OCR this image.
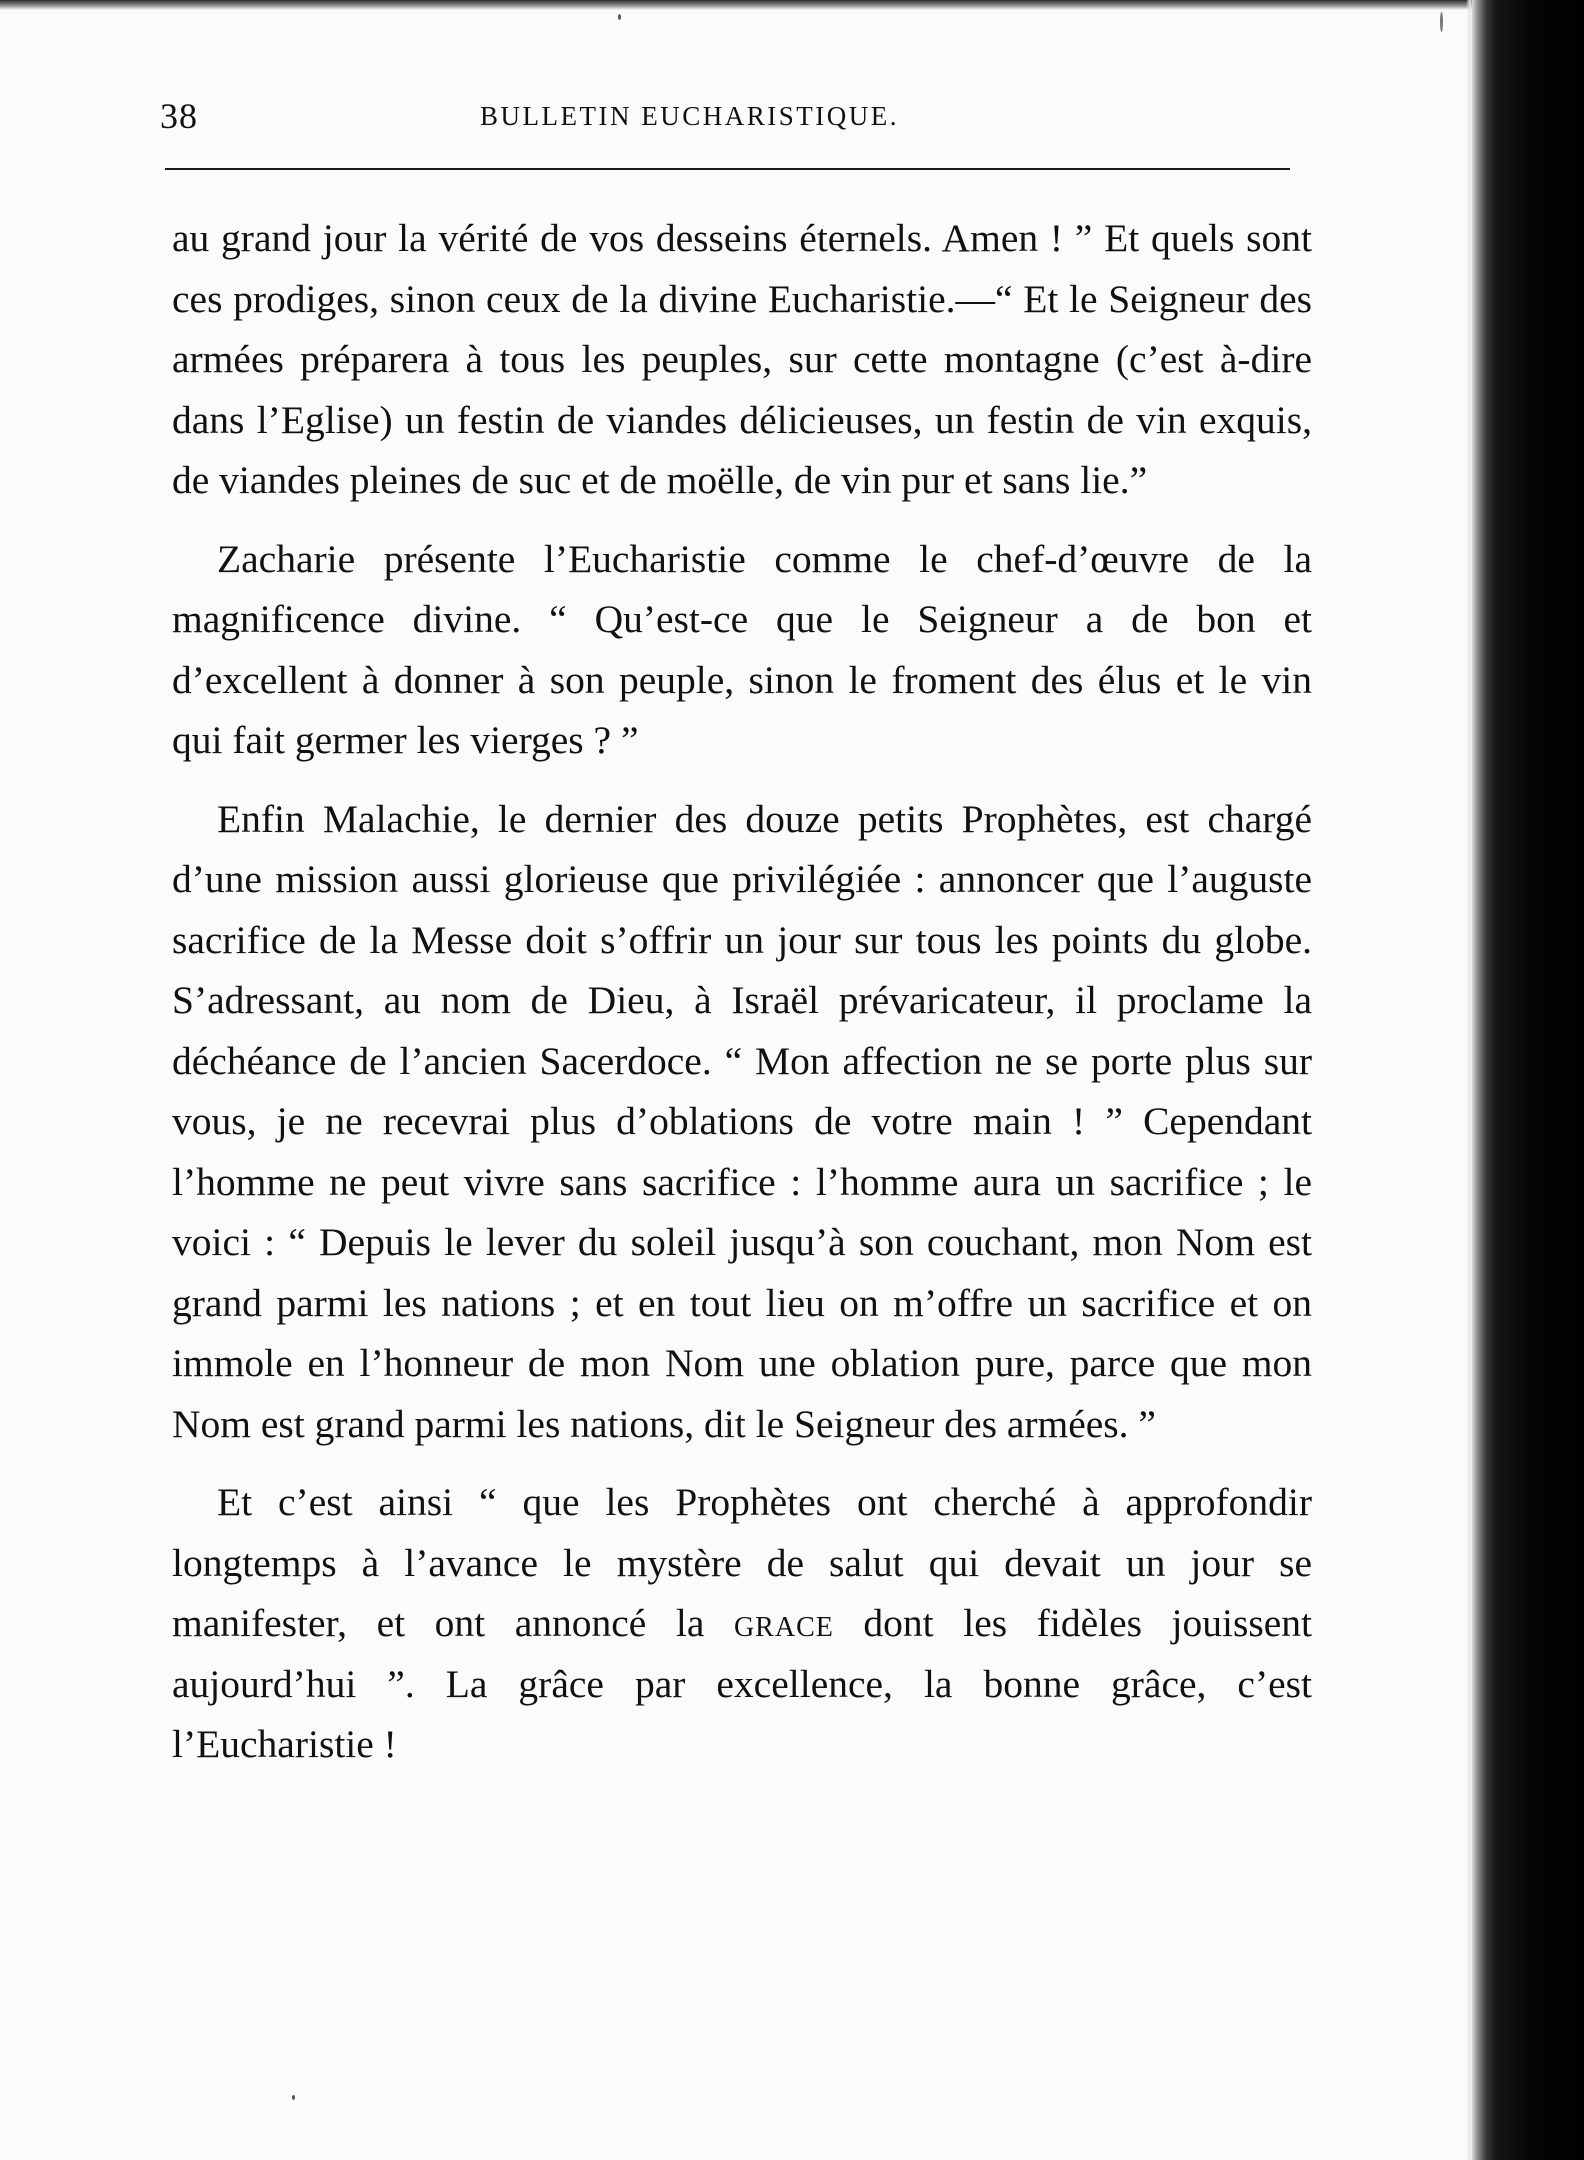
38	BULLETIN EUCHARISTIQUE.

au grand jour la vérité de vos desseins éternels. Amen ! ” Et quels sont ces prodiges, sinon ceux de la divine Eucharistie.—“ Et le Seigneur des armées préparera à tous les peuples, sur cette montagne (c’est à-dire dans l’Eglise) un festin de viandes délicieuses, un festin de vin exquis, de viandes pleines de suc et de moëlle, de vin pur et sans lie.”

Zacharie présente l’Eucharistie comme le chef-d’œuvre de la magnificence divine. “ Qu’est-ce que le Seigneur a de bon et d’excellent à donner à son peuple, sinon le froment des élus et le vin qui fait germer les vierges ? ”

Enfin Malachie, le dernier des douze petits Prophètes, est chargé d’une mission aussi glorieuse que privilégiée : annoncer que l’auguste sacrifice de la Messe doit s’offrir un jour sur tous les points du globe. S’adressant, au nom de Dieu, à Israël prévaricateur, il proclame la déchéance de l’ancien Sacerdoce. “ Mon affection ne se porte plus sur vous, je ne recevrai plus d’oblations de votre main ! ” Cependant l’homme ne peut vivre sans sacrifice : l’homme aura un sacrifice ; le voici : “ Depuis le lever du soleil jusqu’à son couchant, mon Nom est grand parmi les nations ; et en tout lieu on m’offre un sacrifice et on immole en l’honneur de mon Nom une oblation pure, parce que mon Nom est grand parmi les nations, dit le Seigneur des armées. ”

Et c’est ainsi “ que les Prophètes ont cherché à approfondir longtemps à l’avance le mystère de salut qui devait un jour se manifester, et ont annoncé la grace dont les fidèles jouissent aujourd’hui ”. La grâce par excellence, la bonne grâce, c’est l’Eucharistie !
